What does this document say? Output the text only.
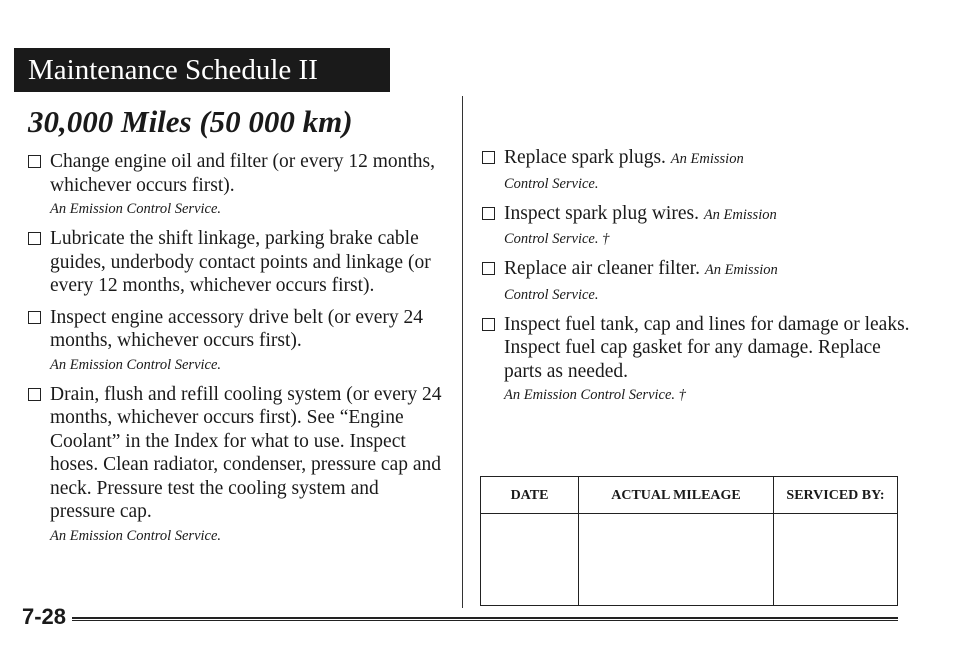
Maintenance Schedule II
30,000 Miles (50 000 km)
Change engine oil and filter (or every 12 months, whichever occurs first).
An Emission Control Service.
Lubricate the shift linkage, parking brake cable guides, underbody contact points and linkage (or every 12 months, whichever occurs first).
Inspect engine accessory drive belt (or every 24 months, whichever occurs first).
An Emission Control Service.
Drain, flush and refill cooling system (or every 24 months, whichever occurs first). See “Engine Coolant” in the Index for what to use. Inspect hoses. Clean radiator, condenser, pressure cap and neck. Pressure test the cooling system and pressure cap.
An Emission Control Service.
Replace spark plugs. An Emission
Control Service.
Inspect spark plug wires. An Emission
Control Service. †
Replace air cleaner filter. An Emission
Control Service.
Inspect fuel tank, cap and lines for damage or leaks. Inspect fuel cap gasket for any damage. Replace parts as needed.
An Emission Control Service. †
DATE	ACTUAL MILEAGE	SERVICED BY:
7-28
